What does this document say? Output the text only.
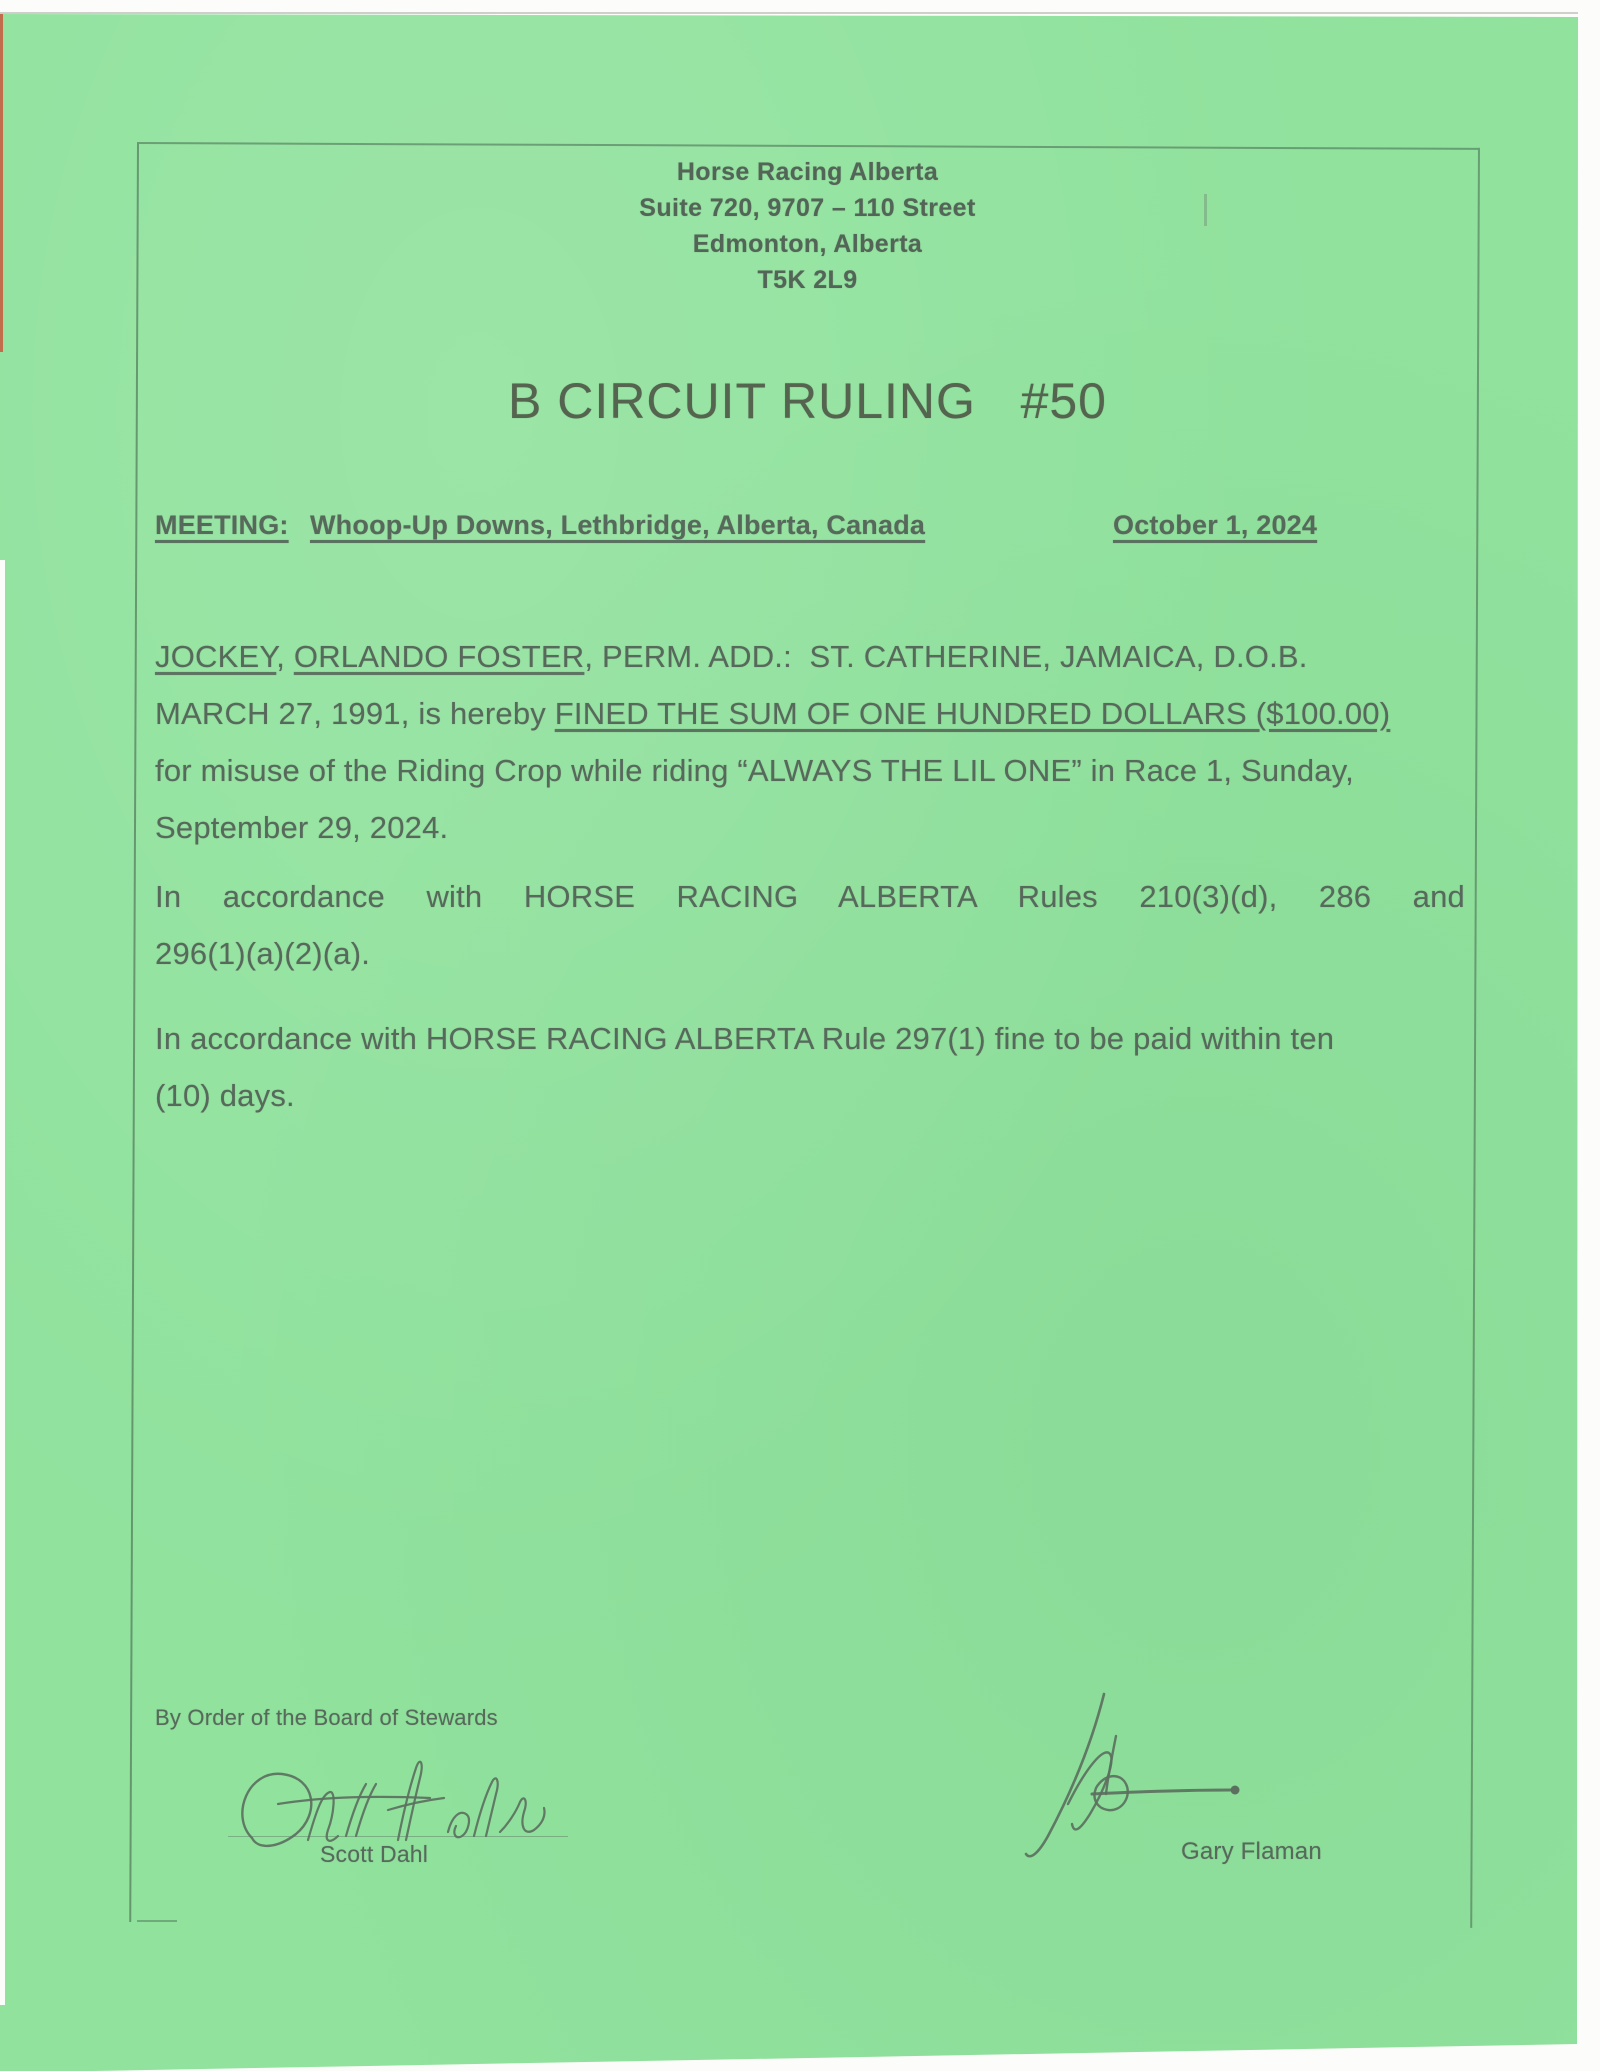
Horse Racing Alberta
Suite 720, 9707 – 110 Street
Edmonton, Alberta
T5K 2L9
B CIRCUIT RULING   #50
MEETING: Whoop-Up Downs, Lethbridge, Alberta, Canada	October 1, 2024
JOCKEY, ORLANDO FOSTER, PERM. ADD.:  ST. CATHERINE, JAMAICA, D.O.B.
MARCH 27, 1991, is hereby FINED THE SUM OF ONE HUNDRED DOLLARS ($100.00)
for misuse of the Riding Crop while riding “ALWAYS THE LIL ONE” in Race 1, Sunday,
September 29, 2024.
In accordance with HORSE RACING ALBERTA Rules 210(3)(d), 286 and
296(1)(a)(2)(a).
In accordance with HORSE RACING ALBERTA Rule 297(1) fine to be paid within ten
(10) days.
By Order of the Board of Stewards
Scott Dahl	Gary Flaman
